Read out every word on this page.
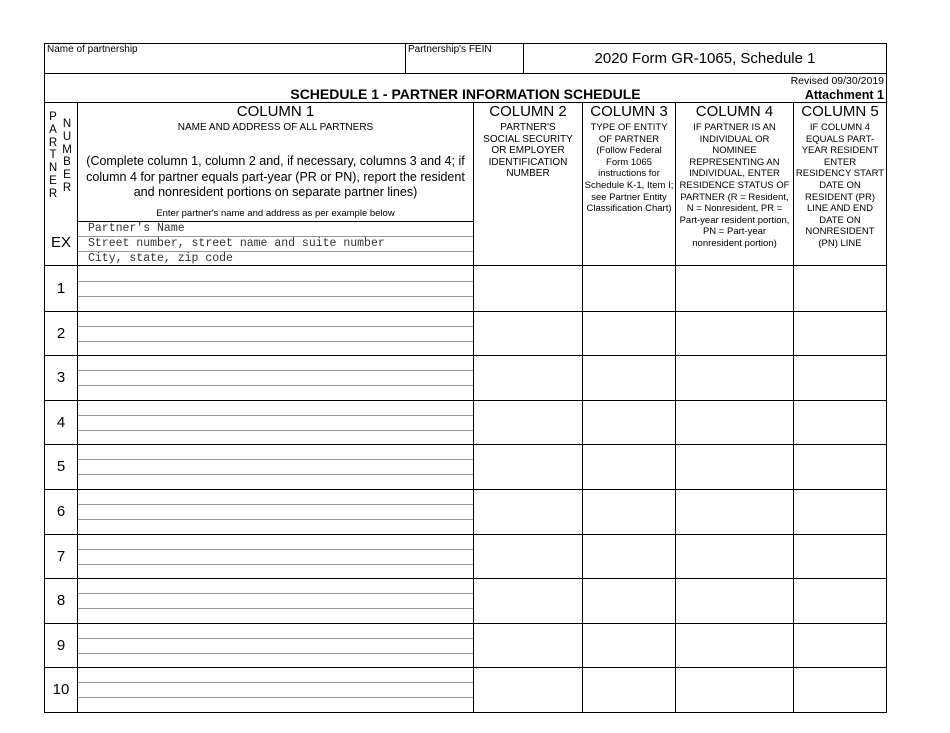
Name of partnership	Partnership's FEIN
2020 Form GR-1065, Schedule 1
Revised 09/30/2019
SCHEDULE 1 - PARTNER INFORMATION SCHEDULE	Attachment 1
P
A
R
T
N
E
R
N
U
M
B
E
R
COLUMN 1
NAME AND ADDRESS OF ALL PARTNERS
(Complete column 1, column 2 and, if necessary, columns 3 and 4; if column 4 for partner equals part-year (PR or PN), report the resident and nonresident portions on separate partner lines)
Enter partner's name and address as per example below
COLUMN 2
PARTNER'S
SOCIAL SECURITY
OR EMPLOYER
IDENTIFICATION
NUMBER
COLUMN 3
TYPE OF ENTITY
OF PARTNER
(Follow Federal
Form 1065
instructions for
Schedule K-1, Item I;
see Partner Entity
Classification Chart)
COLUMN 4
IF PARTNER IS AN
INDIVIDUAL OR
NOMINEE
REPRESENTING AN
INDIVIDUAL, ENTER
RESIDENCE STATUS OF
PARTNER (R = Resident,
N = Nonresident, PR =
Part-year resident portion,
PN = Part-year
nonresident portion)
COLUMN 5
IF COLUMN 4
EQUALS PART-
YEAR RESIDENT
ENTER
RESIDENCY START
DATE ON
RESIDENT (PR)
LINE AND END
DATE ON
NONRESIDENT
(PN) LINE
EX
Partner's Name
Street number, street name and suite number
City, state, zip code
1
2
3
4
5
6
7
8
9
10
